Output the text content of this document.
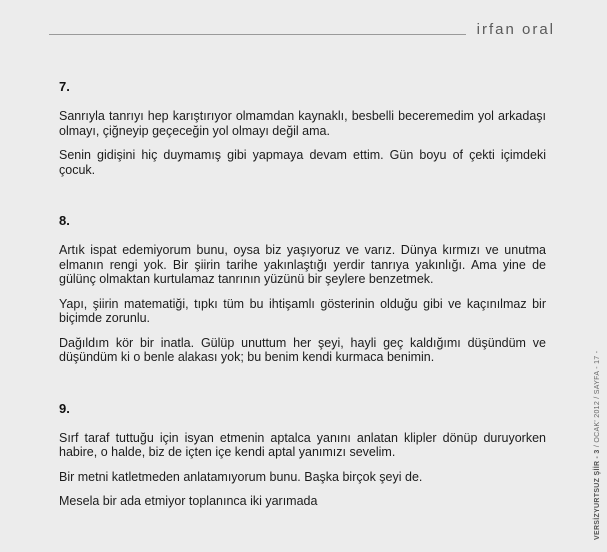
irfan oral
7.

Sanrıyla tanrıyı hep karıştırıyor olmamdan kaynaklı, besbelli beceremedim yol arkadaşı olmayı, çiğneyip geçeceğin yol olmayı değil ama.

Senin gidişini hiç duymamış gibi yapmaya devam ettim. Gün boyu of çekti içimdeki çocuk.

8.

Artık ispat edemiyorum bunu, oysa biz yaşıyoruz ve varız. Dünya kırmızı ve unutma elmanın rengi yok. Bir şiirin tarihe yakınlaştığı yerdir tanrıya yakınlığı. Ama yine de gülünç olmaktan kurtulamaz tanrının yüzünü bir şeylere benzetmek.

Yapı, şiirin matematiği, tıpkı tüm bu ihtişamlı gösterinin olduğu gibi ve kaçınılmaz bir biçimde zorunlu.

Dağıldım kör bir inatla. Gülüp unuttum her şeyi, hayli geç kaldığımı düşündüm ve düşündüm ki o benle alakası yok; bu benim kendi kurmaca benimin.

9.

Sırf taraf tuttuğu için isyan etmenin aptalca yanını anlatan klipler dönüp duruyorken habire, o halde, biz de içten içe kendi aptal yanımızı sevelim.

Bir metni katletmeden anlatamıyorum bunu. Başka birçok şeyi de.

Mesela bir ada etmiyor toplanınca iki yarımada	VERSİZYURTSUZ ŞİİR - 3 / OCAK' 2012 / SAYFA - 17 -
